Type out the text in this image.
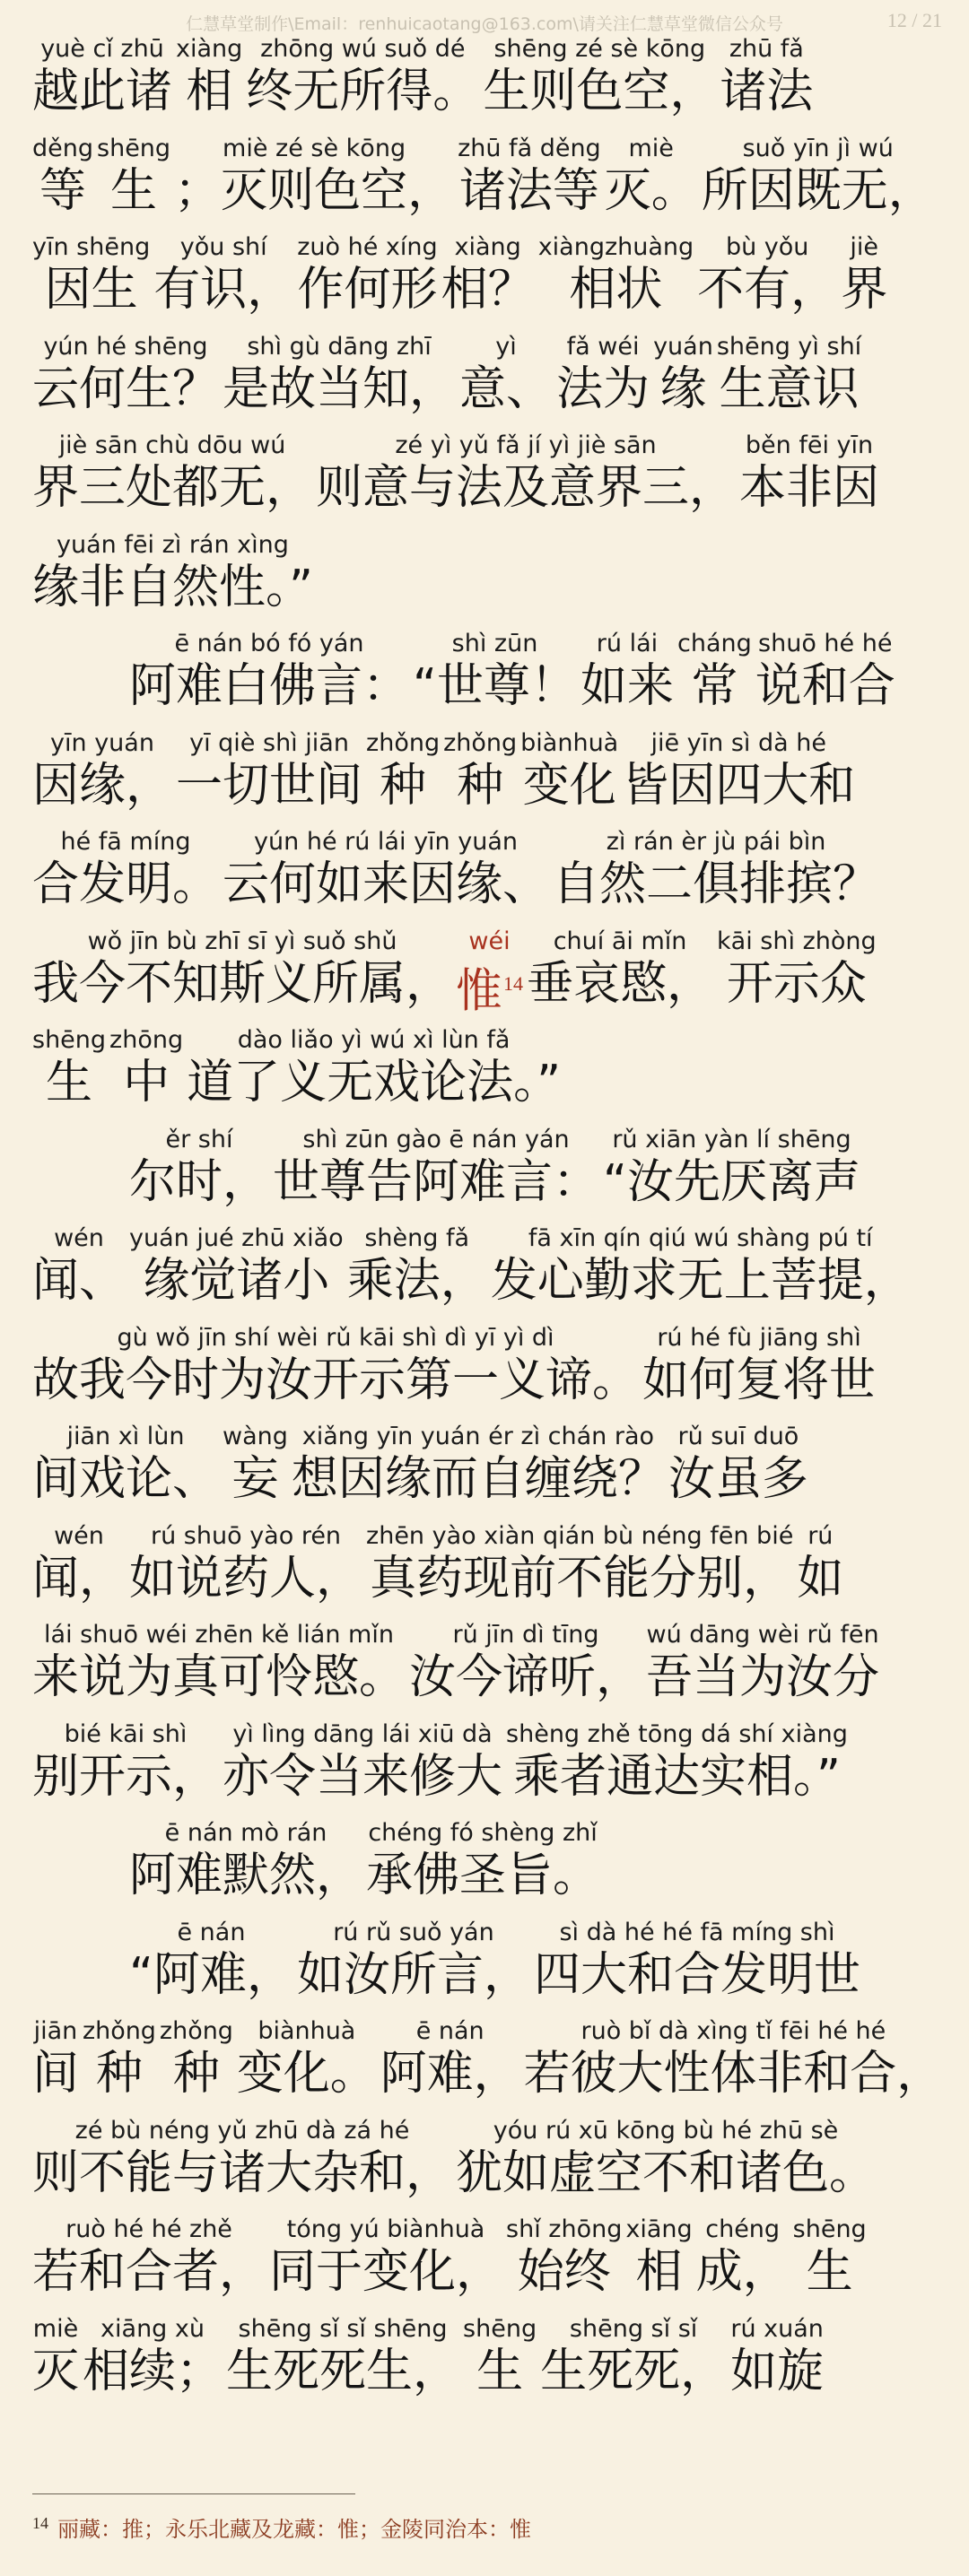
仁慧草堂制作\Email：renhuicaotang@163.com\请关注仁慧草堂微信公众号	12 / 21
yuè cǐ zhū
越此诸
xiàng
相
zhōng wú suǒ dé
终无所得。
shēng zé sè kōng
生则色空，
zhū fǎ
诸法
děng
等
shēng
生
miè zé sè kōng
；灭则色空，
zhū fǎ děng
诸法等
miè
灭。
suǒ yīn jì wú
所因既无，
yīn shēng
因生
yǒu shí
有识，
zuò hé xíng
作何形
xiàng
相？
xiàngzhuàng
相状
bù yǒu
不有，
jiè
界
yún hé shēng
云何生？
shì gù dāng zhī
是故当知，
yì
意、
fǎ wéi
法为
yuán
缘
shēng yì shí
生意识
jiè sān chù dōu wú
界三处都无，
zé yì yǔ fǎ jí yì jiè sān
则意与法及意界三，
běn fēi yīn
本非因
yuán fēi zì rán xìng
缘非自然性。”
ē nán bó fó yán
阿难白佛言：
shì zūn
“世尊！
rú lái
如来
cháng
常
shuō hé hé
说和合
yīn yuán
因缘，
yī qiè shì jiān
一切世间
zhǒng
种
zhǒng
种
biànhuà
变化
jiē yīn sì dà hé
皆因四大和
hé fā míng
合发明。
yún hé rú lái yīn yuán
云何如来因缘、
zì rán èr jù pái bìn
自然二俱排摈？
wǒ jīn bù zhī sī yì suǒ shǔ
我今不知斯义所属，
wéi
惟$^{14}$
chuí āi mǐn
垂哀愍，
kāi shì zhòng
开示众
shēng
生
zhōng
中
dào liǎo yì wú xì lùn fǎ
道了义无戏论法。”
ěr shí
尔时，
shì zūn gào ē nán yán
世尊告阿难言：
rǔ xiān yàn lí shēng
“汝先厌离声
wén
闻、
yuán jué zhū xiǎo
缘觉诸小
shèng fǎ
乘法，
fā xīn qín qiú wú shàng pú tí
发心勤求无上菩提，
gù wǒ jīn shí wèi rǔ kāi shì dì yī yì dì
故我今时为汝开示第一义谛。
rú hé fù jiāng shì
如何复将世
jiān xì lùn
间戏论、
wàng
妄
xiǎng yīn yuán ér zì chán rào
想因缘而自缠绕？
rǔ suī duō
汝虽多
wén
闻，
rú shuō yào rén
如说药人，
zhēn yào xiàn qián bù néng fēn bié
真药现前不能分别，
rú
如
lái shuō wéi zhēn kě lián mǐn
来说为真可怜愍。
rǔ jīn dì tīng
汝今谛听，
wú dāng wèi rǔ fēn
吾当为汝分
bié kāi shì
别开示，
yì lìng dāng lái xiū dà
亦令当来修大
shèng zhě tōng dá shí xiàng
乘者通达实相。”
ē nán mò rán
阿难默然，
chéng fó shèng zhǐ
承佛圣旨。
ē nán
“阿难，
rú rǔ suǒ yán
如汝所言，
sì dà hé hé fā míng shì
四大和合发明世
jiān
间
zhǒng
种
zhǒng
种
biànhuà
变化。
ē nán
阿难，
ruò bǐ dà xìng tǐ fēi hé hé
若彼大性体非和合，
zé bù néng yǔ zhū dà zá hé
则不能与诸大杂和，
yóu rú xū kōng bù hé zhū sè
犹如虚空不和诸色。
ruò hé hé zhě
若和合者，
tóng yú biànhuà
同于变化，
shǐ zhōng
始终
xiāng
相
chéng
成，
shēng
生
miè
灭
xiāng xù
相续；
shēng sǐ sǐ shēng
生死死生，
shēng
生
shēng sǐ sǐ
生死死，
rú xuán
如旋
$^{14}$ 丽藏：推；永乐北藏及龙藏：惟；金陵同治本：惟
